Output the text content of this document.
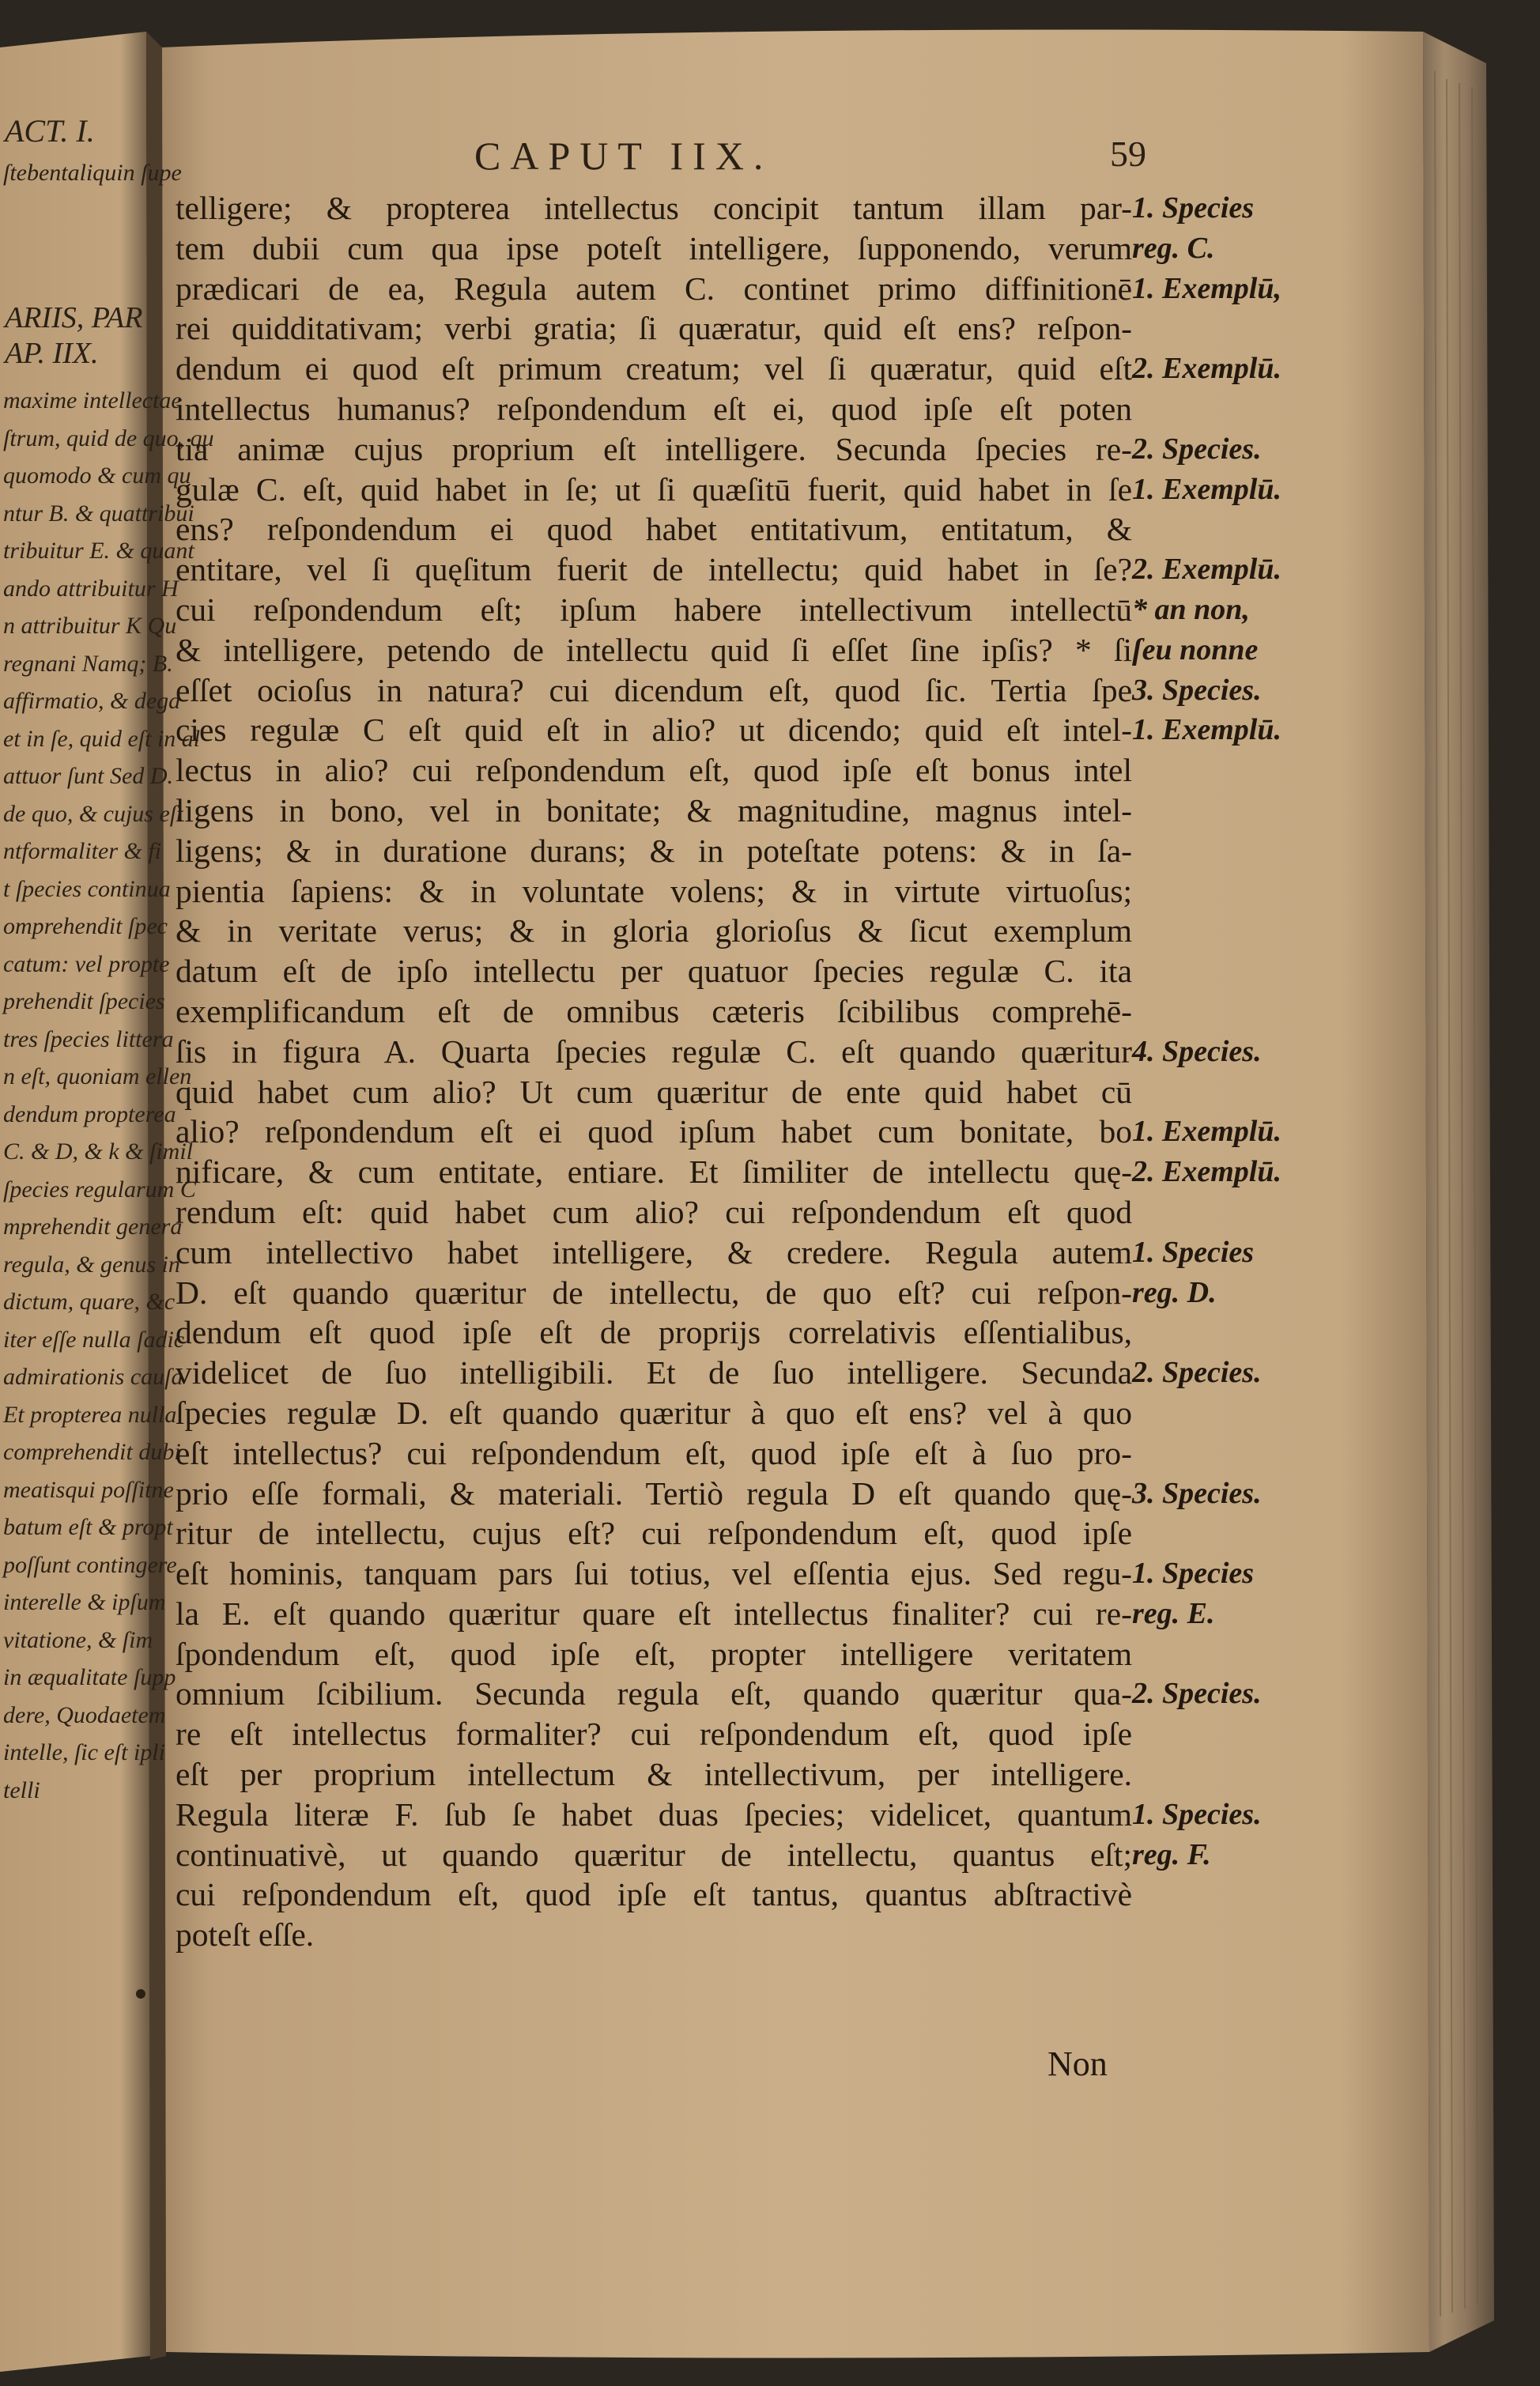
ACT. I.
ARIIS, PAR
AP. IIX.
ſtebentaliquin ſupe
maxime intellectae
ſtrum, quid de quo, qu
quomodo & cum qu
ntur B. & quattribui
tribuitur E. & quant
ando attribuitur H
n attribuitur K Qu
regnani Namq; B.
affirmatio, & dega
et in ſe, quid eſt in al
attuor ſunt Sed D.
de quo, & cujus eſt
ntformaliter & fi
t ſpecies continua
omprehendit ſpec
catum: vel propte
prehendit ſpecies
tres ſpecies littera
n eſt, quoniam ellen
dendum propterea
C. & D, & k & ſimil
ſpecies regularum C
mprehendit genera
regula, & genus in
dictum, quare, &c
iter eſſe nulla ſadic
admirationis cauſa
Et propterea nulla
comprehendit dubi
meatisqui poſſitne
batum eſt & propt
poſſunt contingere
interelle & ipſum
vitatione, & ſim
in æqualitate ſupp
dere, Quodaetem
intelle, ſic eſt ipli
telli
CAPUT IIX.	59
telligere; & propterea intellectus concipit tantum illam par-
tem dubii cum qua ipse poteſt intelligere, ſupponendo, verum
prædicari de ea, Regula autem C. continet primo diffinitionē
rei quidditativam; verbi gratia; ſi quæratur, quid eſt ens? reſpon-
dendum ei quod eſt primum creatum; vel ſi quæratur, quid eſt
intellectus humanus? reſpondendum eſt ei, quod ipſe eſt poten
tia animæ cujus proprium eſt intelligere. Secunda ſpecies re-
gulæ C. eſt, quid habet in ſe; ut ſi quæſitū fuerit, quid habet in ſe
ens? reſpondendum ei quod habet entitativum, entitatum, &
entitare, vel ſi quęſitum fuerit de intellectu; quid habet in ſe?
cui reſpondendum eſt; ipſum habere intellectivum intellectū
& intelligere, petendo de intellectu quid ſi eſſet ſine ipſis? * ſi
eſſet ocioſus in natura? cui dicendum eſt, quod ſic. Tertia ſpe
cies regulæ C eſt quid eſt in alio? ut dicendo; quid eſt intel-
lectus in alio? cui reſpondendum eſt, quod ipſe eſt bonus intel
ligens in bono, vel in bonitate; & magnitudine, magnus intel-
ligens; & in duratione durans; & in poteſtate potens: & in ſa-
pientia ſapiens: & in voluntate volens; & in virtute virtuoſus;
& in veritate verus; & in gloria glorioſus & ſicut exemplum
datum eſt de ipſo intellectu per quatuor ſpecies regulæ C. ita
exemplificandum eſt de omnibus cæteris ſcibilibus comprehē-
ſis in figura A. Quarta ſpecies regulæ C. eſt quando quæritur
quid habet cum alio? Ut cum quæritur de ente quid habet cū
alio? reſpondendum eſt ei quod ipſum habet cum bonitate, bo
nificare, & cum entitate, entiare. Et ſimiliter de intellectu quę-
rendum eſt: quid habet cum alio? cui reſpondendum eſt quod
cum intellectivo habet intelligere, & credere. Regula autem
D. eſt quando quæritur de intellectu, de quo eſt? cui reſpon-
dendum eſt quod ipſe eſt de proprijs correlativis eſſentialibus,
videlicet de ſuo intelligibili. Et de ſuo intelligere. Secunda
ſpecies regulæ D. eſt quando quæritur à quo eſt ens? vel à quo
eſt intellectus? cui reſpondendum eſt, quod ipſe eſt à ſuo pro-
prio eſſe formali, & materiali. Tertiò regula D eſt quando quę-
ritur de intellectu, cujus eſt? cui reſpondendum eſt, quod ipſe
eſt hominis, tanquam pars ſui totius, vel eſſentia ejus. Sed regu-
la E. eſt quando quæritur quare eſt intellectus finaliter? cui re-
ſpondendum eſt, quod ipſe eſt, propter intelligere veritatem
omnium ſcibilium. Secunda regula eſt, quando quæritur qua-
re eſt intellectus formaliter? cui reſpondendum eſt, quod ipſe
eſt per proprium intellectum & intellectivum, per intelligere.
Regula literæ F. ſub ſe habet duas ſpecies; videlicet, quantum
continuativè, ut quando quæritur de intellectu, quantus eſt;
cui reſpondendum eſt, quod ipſe eſt tantus, quantus abſtractivè
poteſt eſſe.
1. Species
reg. C.
1. Exemplū,
2. Exemplū.
2. Species.
1. Exemplū.
2. Exemplū.
* an non,
ſeu nonne
3. Species.
1. Exemplū.
4. Species.
1. Exemplū.
2. Exemplū.
1. Species
reg. D.
2. Species.
3. Species.
1. Species
reg. E.
2. Species.
1. Species.
reg. F.
Non
